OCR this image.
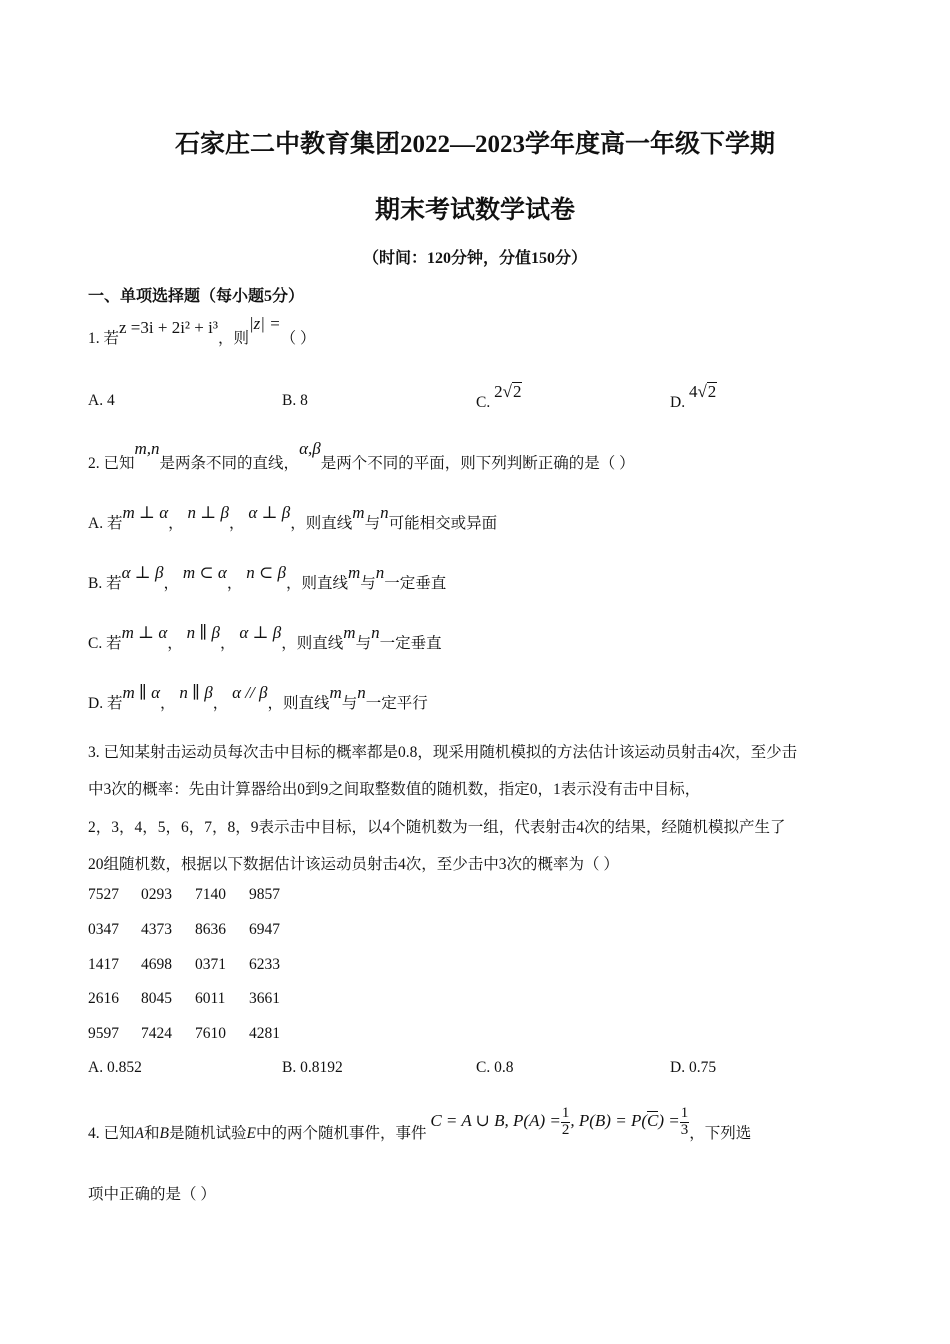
石家庄二中教育集团2022—2023学年度高一年级下学期
期末考试数学试卷
（时间：120分钟，分值150分）
一、单项选择题（每小题5分）
1. 若z =3i + 2i² + i³，则|z| =（ ）
A. 4	B. 8	C. 2√2
D. 4√2
2. 已知m,n是两条不同的直线，α,β是两个不同的平面，则下列判断正确的是（ ）
A. 若m ⊥ α， n ⊥ β， α ⊥ β，则直线m与n可能相交或异面
B. 若α ⊥ β， m ⊂ α， n ⊂ β，则直线m与n一定垂直
C. 若m ⊥ α， n ∥ β， α ⊥ β，则直线m与n一定垂直
D. 若m ∥ α， n ∥ β， α // β，则直线m与n一定平行
3. 已知某射击运动员每次击中目标的概率都是0.8，现采用随机模拟的方法估计该运动员射击4次，至少击
中3次的概率：先由计算器给出0到9之间取整数值的随机数，指定0，1表示没有击中目标，
2，3，4，5，6，7，8，9表示击中目标，以4个随机数为一组，代表射击4次的结果，经随机模拟产生了
20组随机数，根据以下数据估计该运动员射击4次，至少击中3次的概率为（ ）
7527 0293 7140 9857
0347 4373 8636 6947
1417 4698 0371 6233
2616 8045 6011 3661
9597 7424 7610 4281
A. 0.852	B. 0.8192	C. 0.8	D. 0.75
4. 已知A和B是随机试验E中的两个随机事件，事件 C = A ∪ B, $P(A) = \frac{1}{2}$ , $P(B) = P(C) = \frac{1}{3}$ ，下列选
项中正确的是（ ）
